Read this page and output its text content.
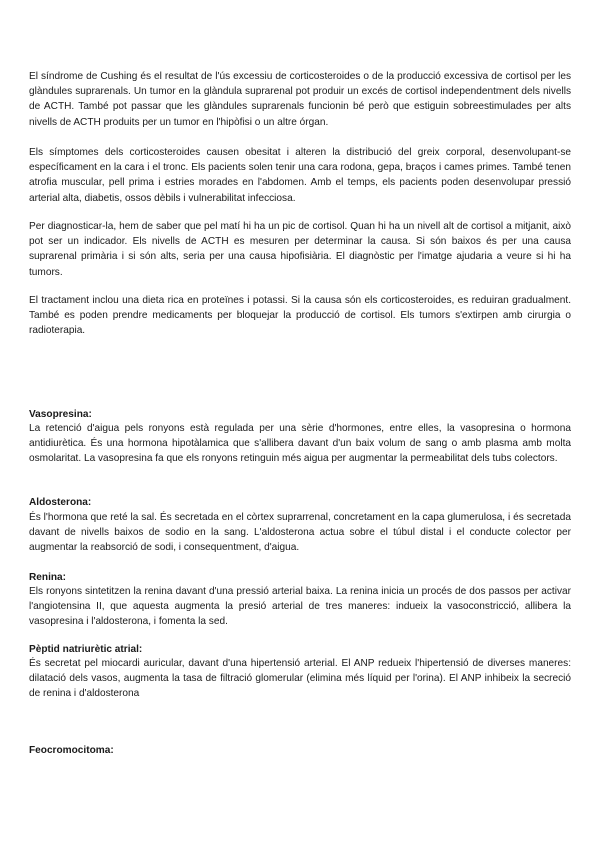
El síndrome de Cushing és el resultat de l'ús excessiu de corticosteroides o de la producció excessiva de cortisol per les glàndules suprarenals. Un tumor en la glàndula suprarenal pot produir un excés de cortisol independentment dels nivells de ACTH. També pot passar que les glàndules suprarenals funcionin bé però que estiguin sobreestimulades per alts nivells de ACTH produits per un tumor en l'hipòfisi o un altre órgan.

Els símptomes dels corticosteroides causen obesitat i alteren la distribució del greix corporal, desenvolupant-se específicament en la cara i el tronc. Els pacients solen tenir una cara rodona, gepa, braços i cames primes. També tenen atrofia muscular, pell prima i estries morades en l'abdomen. Amb el temps, els pacients poden desenvolupar pressió arterial alta, diabetis, ossos dèbils i vulnerabilitat infecciosa.

Per diagnosticar-la, hem de saber que pel matí hi ha un pic de cortisol. Quan hi ha un nivell alt de cortisol a mitjanit, això pot ser un indicador. Els nivells de ACTH es mesuren per determinar la causa. Si són baixos és per una causa suprarenal primària i si són alts, seria per una causa hipofisiària. El diagnòstic per l'imatge ajudaria a veure si hi ha tumors.

El tractament inclou una dieta rica en proteïnes i potassi. Si la causa són els corticosteroides, es reduiran gradualment. També es poden prendre medicaments per bloquejar la producció de cortisol. Els tumors s'extirpen amb cirurgia o radioterapia.

Vasopresina:

La retenció d'aigua pels ronyons està regulada per una sèrie d'hormones, entre elles, la vasopresina o hormona antidiurètica. És una hormona hipotàlamica que s'allibera davant d'un baix volum de sang o amb plasma amb molta osmolaritat. La vasopresina fa que els ronyons retinguin més aigua per augmentar la permeabilitat dels tubs colectors.

Aldosterona:

És l'hormona que reté la sal. És secretada en el còrtex suprarrenal, concretament en la capa glumerulosa, i és secretada davant de nivells baixos de sodio en la sang. L'aldosterona actua sobre el túbul distal i el conducte colector per augmentar la reabsorció de sodi, i consequentment, d'aigua.

Renina:

Els ronyons sintetitzen la renina davant d'una pressió arterial baixa. La renina inicia un procés de dos passos per activar l'angiotensina II, que aquesta augmenta la presió arterial de tres maneres: indueix la vasoconstricció, allibera la vasopresina i l'aldosterona, i fomenta la sed.

Pèptid natriurètic atrial:

És secretat pel miocardi auricular, davant d'una hipertensió arterial. El ANP redueix l'hipertensió de diverses maneres: dilatació dels vasos, augmenta la tasa de filtració glomerular (elimina més líquid per l'orina). El ANP inhibeix la secreció de renina i d'aldosterona

Feocromocitoma:
